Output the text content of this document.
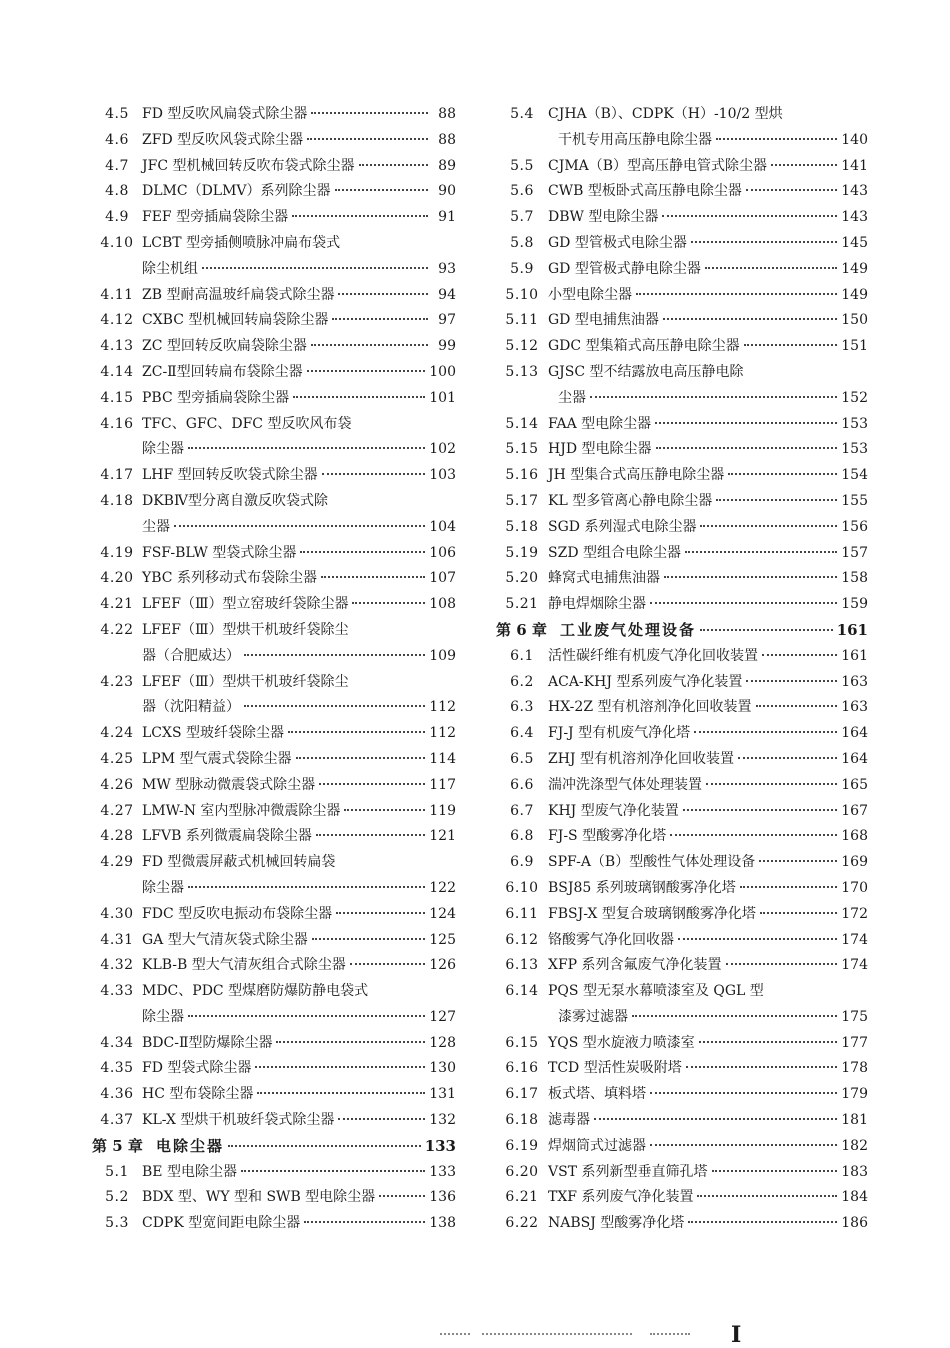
4.5 FD 型反吹风扁袋式除尘器	88
4.6 ZFD 型反吹风袋式除尘器	88
4.7 JFC 型机械回转反吹布袋式除尘器	89
4.8 DLMC（DLMV）系列除尘器	90
4.9 FEF 型旁插扁袋除尘器	91
4.10 LCBT 型旁插侧喷脉冲扁布袋式
除尘机组	93
4.11 ZB 型耐高温玻纤扁袋式除尘器	94
4.12 CXBC 型机械回转扁袋除尘器	97
4.13 ZC 型回转反吹扁袋除尘器	99
4.14 ZC-Ⅱ型回转扁布袋除尘器	100
4.15 PBC 型旁插扁袋除尘器	101
4.16 TFC、GFC、DFC 型反吹风布袋
除尘器	102
4.17 LHF 型回转反吹袋式除尘器	103
4.18 DKBⅣ型分离自激反吹袋式除
尘器	104
4.19 FSF-BLW 型袋式除尘器	106
4.20 YBC 系列移动式布袋除尘器	107
4.21 LFEF（Ⅲ）型立窑玻纤袋除尘器	108
4.22 LFEF（Ⅲ）型烘干机玻纤袋除尘
器（合肥威达）	109
4.23 LFEF（Ⅲ）型烘干机玻纤袋除尘
器（沈阳精益）	112
4.24 LCXS 型玻纤袋除尘器	112
4.25 LPM 型气震式袋除尘器	114
4.26 MW 型脉动微震袋式除尘器	117
4.27 LMW-N 室内型脉冲微震除尘器	119
4.28 LFVB 系列微震扁袋除尘器	121
4.29 FD 型微震屏蔽式机械回转扁袋
除尘器	122
4.30 FDC 型反吹电振动布袋除尘器	124
4.31 GA 型大气清灰袋式除尘器	125
4.32 KLB-B 型大气清灰组合式除尘器	126
4.33 MDC、PDC 型煤磨防爆防静电袋式
除尘器	127
4.34 BDC-Ⅱ型防爆除尘器	128
4.35 FD 型袋式除尘器	130
4.36 HC 型布袋除尘器	131
4.37 KL-X 型烘干机玻纤袋式除尘器	132
第 5 章 电除尘器	133
5.1 BE 型电除尘器	133
5.2 BDX 型、WY 型和 SWB 型电除尘器	136
5.3 CDPK 型宽间距电除尘器	138
5.4	CJHA（B）、CDPK（H）-10/2 型烘
干机专用高压静电除尘器	140
5.5	CJMA（B）型高压静电管式除尘器	141
5.6	CWB 型板卧式高压静电除尘器	143
5.7	DBW 型电除尘器	143
5.8	GD 型管极式电除尘器	145
5.9	GD 型管极式静电除尘器	149
5.10 小型电除尘器	149
5.11 GD 型电捕焦油器	150
5.12 GDC 型集箱式高压静电除尘器	151
5.13 GJSC 型不结露放电高压静电除
尘器	152
5.14 FAA 型电除尘器	153
5.15 HJD 型电除尘器	153
5.16 JH 型集合式高压静电除尘器	154
5.17 KL 型多管离心静电除尘器	155
5.18 SGD 系列湿式电除尘器	156
5.19 SZD 型组合电除尘器	157
5.20 蜂窝式电捕焦油器	158
5.21 静电焊烟除尘器	159
第 6 章 工业废气处理设备	161
6.1	活性碳纤维有机废气净化回收装置	161
6.2	ACA-KHJ 型系列废气净化装置	163
6.3	HX-2Z 型有机溶剂净化回收装置	163
6.4	FJ-J 型有机废气净化塔	164
6.5	ZHJ 型有机溶剂净化回收装置	164
6.6	湍冲洗涤型气体处理装置	165
6.7	KHJ 型废气净化装置	167
6.8	FJ-S 型酸雾净化塔	168
6.9	SPF-A（B）型酸性气体处理设备	169
6.10 BSJ85 系列玻璃钢酸雾净化塔	170
6.11 FBSJ-X 型复合玻璃钢酸雾净化塔	172
6.12 铬酸雾气净化回收器	174
6.13 XFP 系列含氟废气净化装置	174
6.14 PQS 型无泵水幕喷漆室及 QGL 型
漆雾过滤器	175
6.15 YQS 型水旋液力喷漆室	177
6.16 TCD 型活性炭吸附塔	178
6.17 板式塔、填料塔	179
6.18 滤毒器	181
6.19 焊烟筒式过滤器	182
6.20 VST 系列新型垂直筛孔塔	183
6.21 TXF 系列废气净化装置	184
6.22 NABSJ 型酸雾净化塔	186
I
